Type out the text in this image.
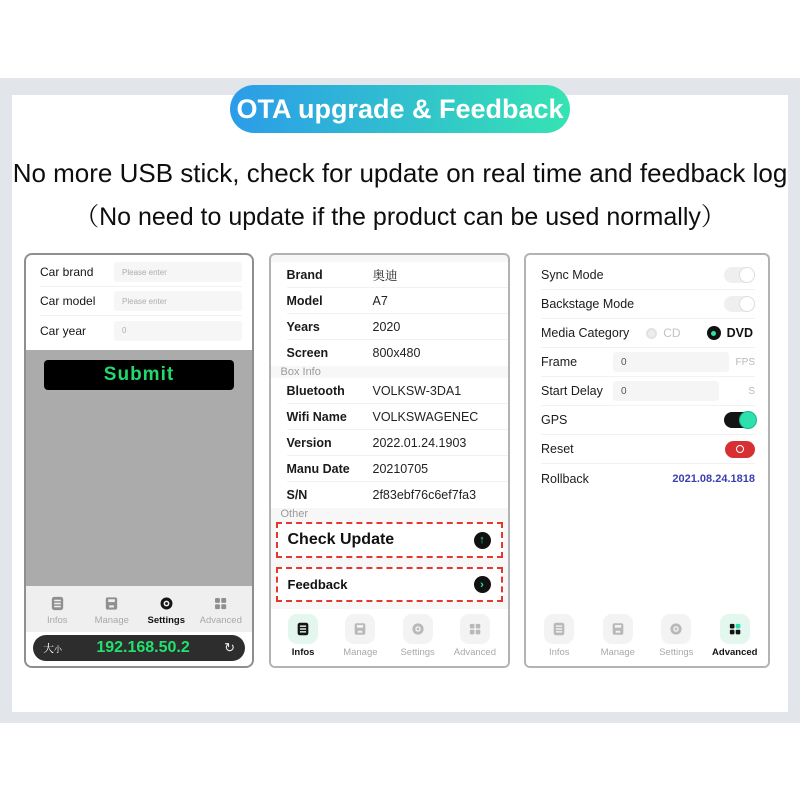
OTA upgrade & Feedback
No more USB stick, check for update on real time and feedback log
（No need to update if the product can be used normally）
Car brand	Please enter
Car model	Please enter
Car year	0
Submit
Infos	Manage Settings Advanced
大小	192.168.50.2	↻
Brand	奥迪
Model	A7
Years	2020
Screen	800x480
Box Info
Bluetooth	VOLKSW-3DA1
Wifi Name	VOLKSWAGENEC
Version	2022.01.24.1903
Manu Date	20210705
S/N	2f83ebf76c6ef7fa3
Other
Check Update	↑
Feedback	›
Infos	Manage Settings Advanced
Sync Mode
Backstage Mode
Media Category	CD	DVD
Frame	0	FPS
Start Delay	0	S
GPS
Reset
Rollback	2021.08.24.1818
Infos	Manage	Settings Advanced
